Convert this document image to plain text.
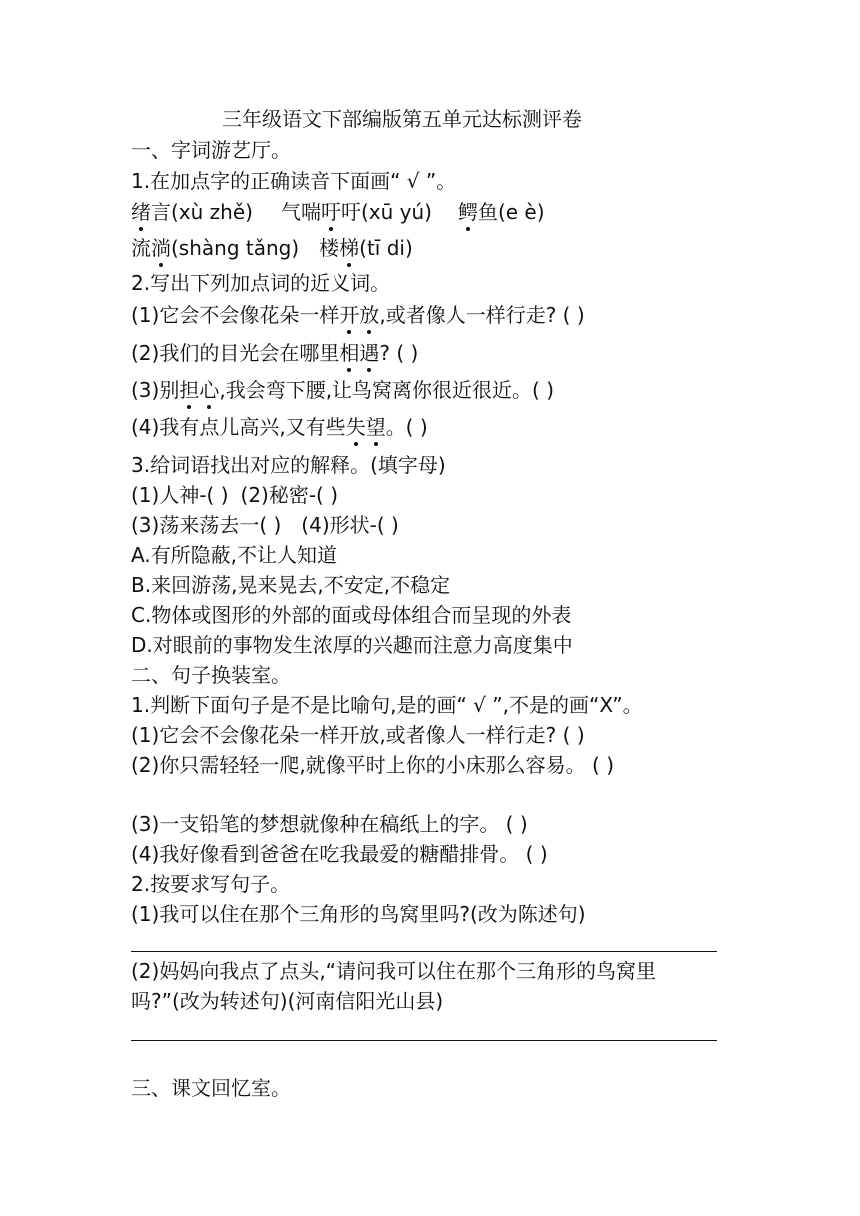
三年级语文下部编版第五单元达标测评卷
一、字词游艺厅。
1.在加点字的正确读音下面画“ √ ”。
绪言(xù zhě) 气喘吁吁(xū yú) 鳄鱼(e è)
流淌(shàng tǎng) 楼梯(tī di)
2.写出下列加点词的近义词。
(1)它会不会像花朵一样开放,或者像人一样行走? ( )
(2)我们的目光会在哪里相遇? ( )
(3)别担心,我会弯下腰,让鸟窝离你很近很近。( )
(4)我有点儿高兴,又有些失望。( )
3.给词语找出对应的解释。(填字母)
(1)人神-( ) (2)秘密-( )
(3)荡来荡去一( ) (4)形状-( )
A.有所隐蔽,不让人知道
B.来回游荡,晃来晃去,不安定,不稳定
C.物体或图形的外部的面或母体组合而呈现的外表
D.对眼前的事物发生浓厚的兴趣而注意力高度集中
二、句子换装室。
1.判断下面句子是不是比喻句,是的画“ √ ”,不是的画“X”。
(1)它会不会像花朵一样开放,或者像人一样行走? ( )
(2)你只需轻轻一爬,就像平时上你的小床那么容易。 ( )
(3)一支铅笔的梦想就像种在稿纸上的字。 ( )
(4)我好像看到爸爸在吃我最爱的糖醋排骨。 ( )
2.按要求写句子。
(1)我可以住在那个三角形的鸟窝里吗?(改为陈述句)
(2)妈妈向我点了点头,“请问我可以住在那个三角形的鸟窝里
吗?”(改为转述句)(河南信阳光山县)
三、课文回忆室。
